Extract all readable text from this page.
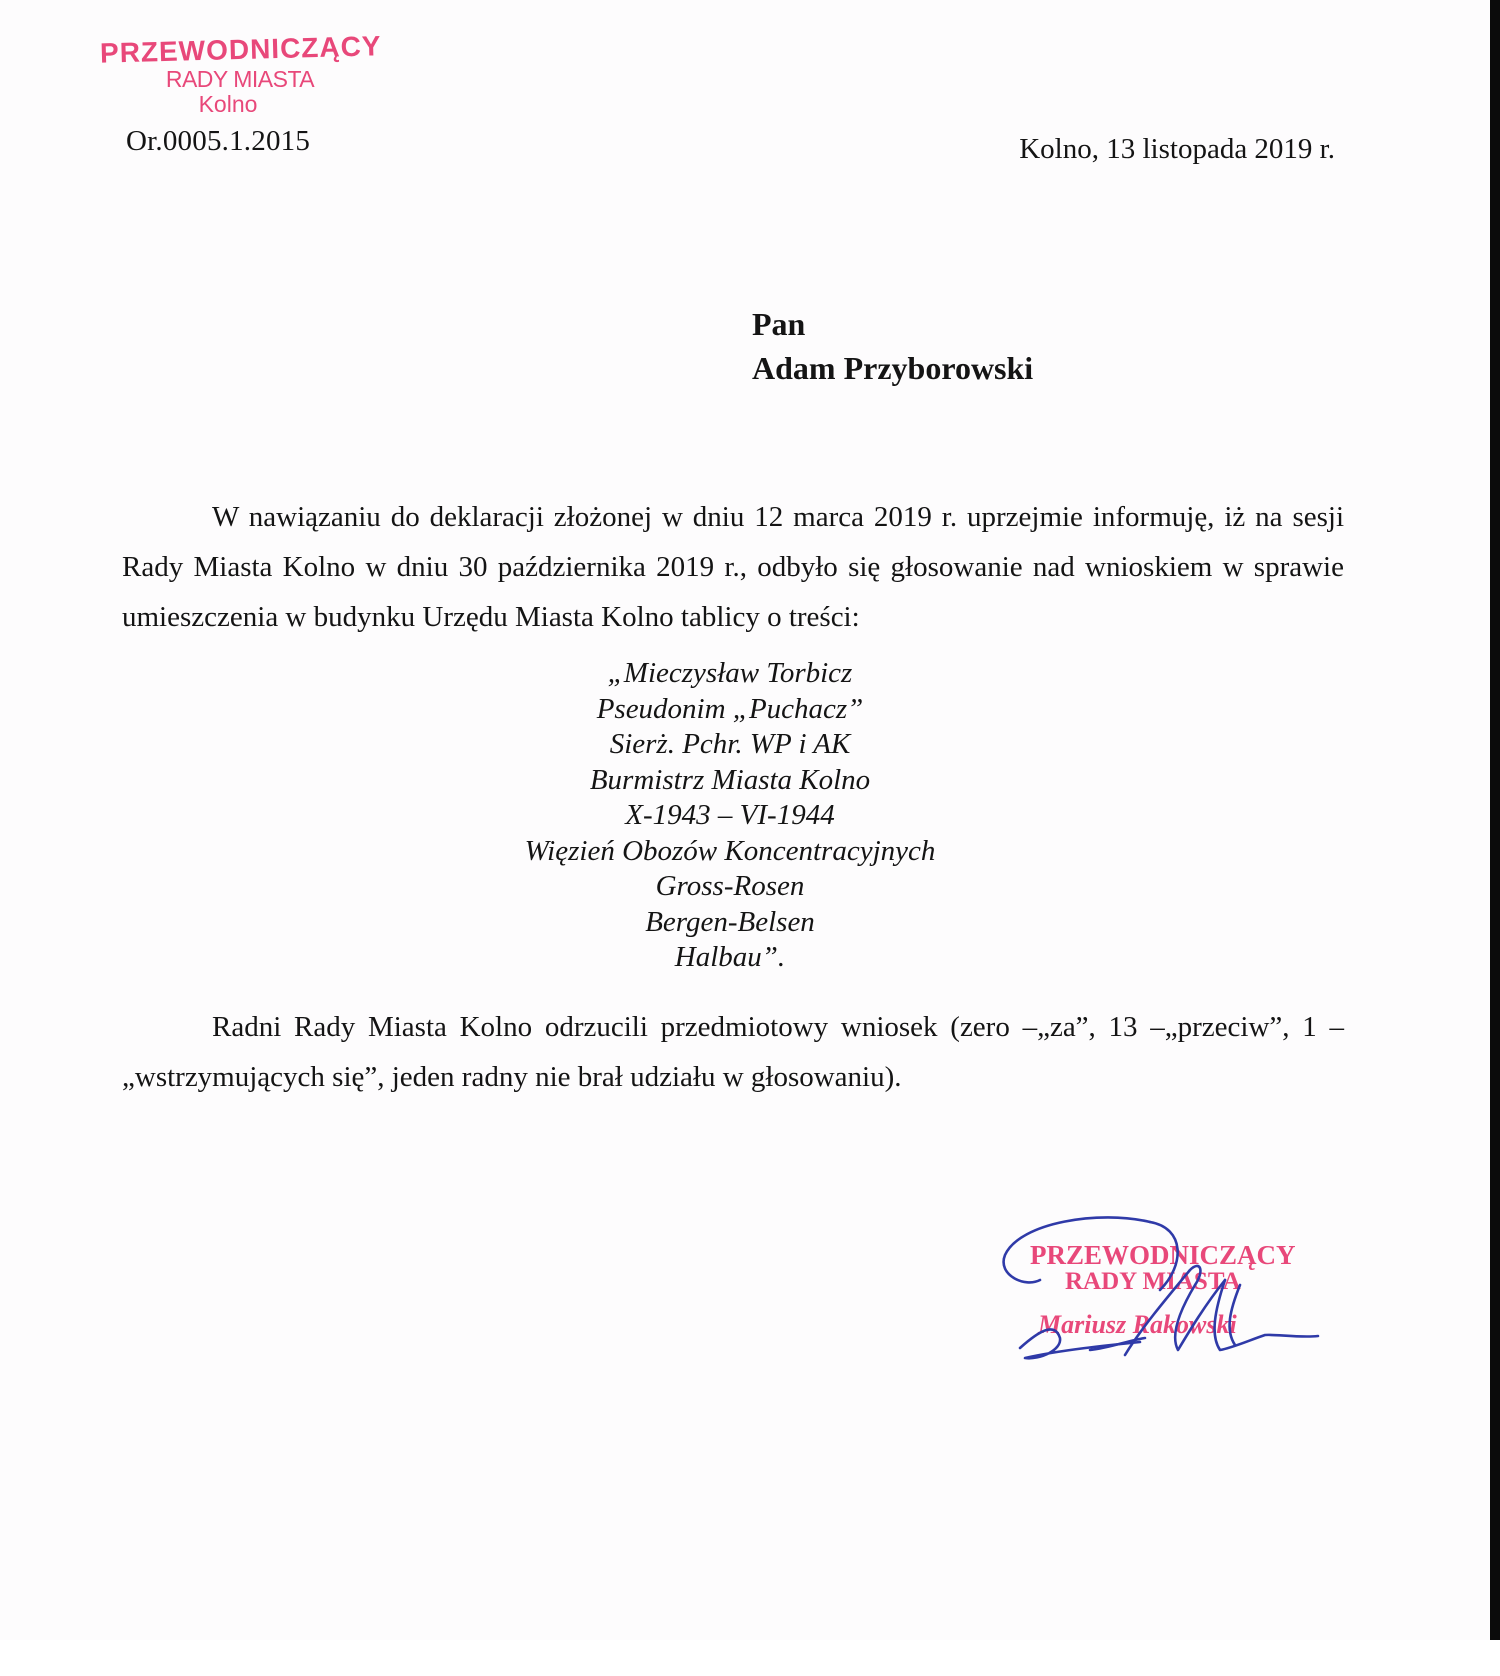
PRZEWODNICZĄCY
RADY MIASTA
Kolno
Or.0005.1.2015	Kolno, 13 listopada 2019 r.
Pan
Adam Przyborowski

W nawiązaniu do deklaracji złożonej w dniu 12 marca 2019 r. uprzejmie informuję, iż na sesji Rady Miasta Kolno w dniu 30 października 2019 r., odbyło się głosowanie nad wnioskiem w sprawie umieszczenia w budynku Urzędu Miasta Kolno tablicy o treści:

„Mieczysław Torbicz
Pseudonim „Puchacz”
Sierż. Pchr. WP i AK
Burmistrz Miasta Kolno
X-1943 – VI-1944
Więzień Obozów Koncentracyjnych
Gross-Rosen
Bergen-Belsen
Halbau”.

Radni Rady Miasta Kolno odrzucili przedmiotowy wniosek (zero –„za”, 13 –„przeciw”, 1 –„wstrzymujących się”, jeden radny nie brał udziału w głosowaniu).

PRZEWODNICZĄCY
RADY MIASTA
Mariusz Rakowski
